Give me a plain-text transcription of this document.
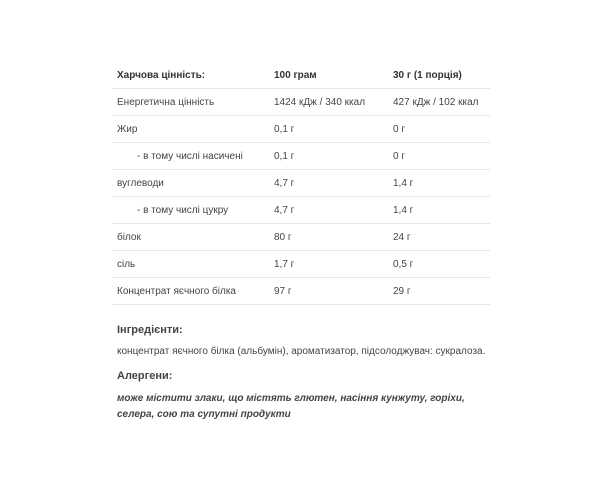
Харчова цінність:	100 грам	30 г (1 порція)
Енергетична цінність	1424 кДж / 340 ккал	427 кДж / 102 ккал
Жир	0,1 г	0 г
- в тому числі насичені	0,1 г	0 г
вуглеводи	4,7 г	1,4 г
- в тому числі цукру	4,7 г	1,4 г
білок	80 г	24 г
сіль	1,7 г	0,5 г
Концентрат яєчного білка	97 г	29 г
Інгредієнти:
концентрат яєчного білка (альбумін), ароматизатор, підсолоджувач: сукралоза.
Алергени:
може містити злаки, що містять глютен, насіння кунжуту, горіхи, селера, сою та супутні продукти
